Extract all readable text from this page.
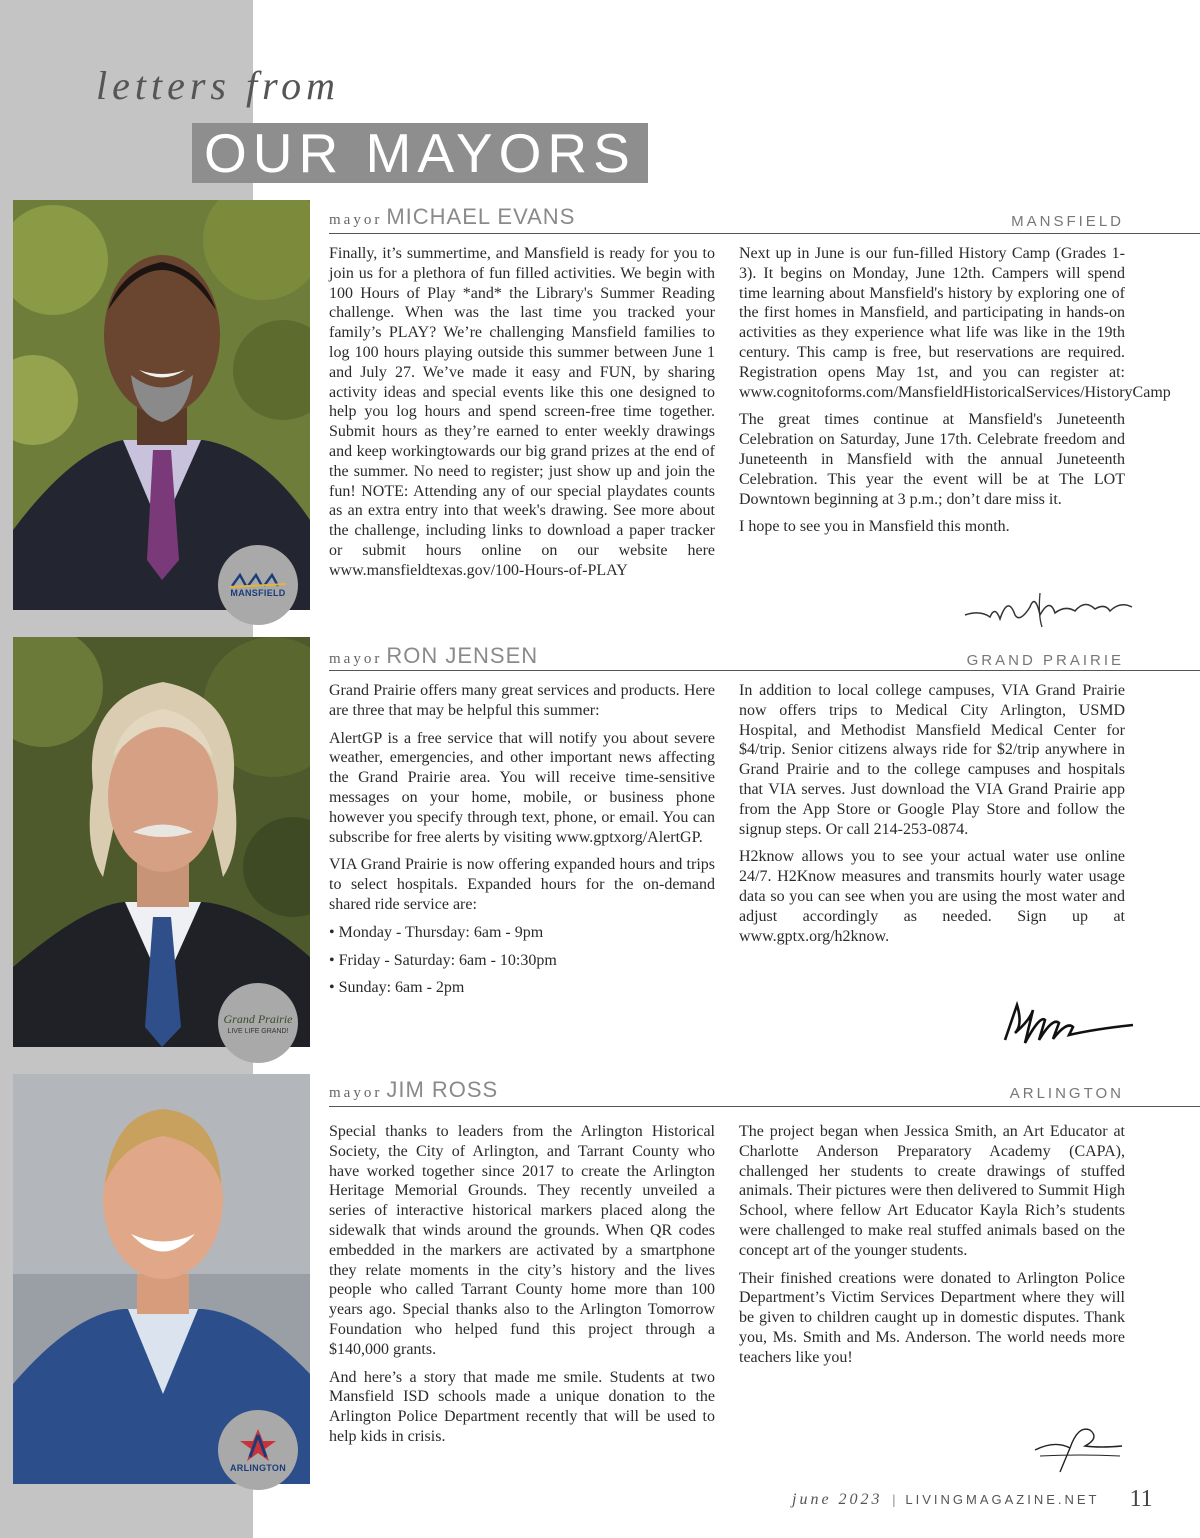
letters from
OUR MAYORS
MANSFIELD
mayor MICHAEL EVANS	MANSFIELD

Finally, it’s summertime, and Mansfield is ready for you to join us for a plethora of fun filled activities. We begin with 100 Hours of Play *and* the Library's Summer Reading challenge. When was the last time you tracked your family’s PLAY? We’re challenging Mansfield families to log 100 hours playing outside this summer between June 1 and July 27. We’ve made it easy and FUN, by sharing activity ideas and special events like this one designed to help you log hours and spend screen-free time together. Submit hours as they’re earned to enter weekly drawings and keep workingtowards our big grand prizes at the end of the summer. No need to register; just show up and join the fun! NOTE: Attending any of our special playdates counts as an extra entry into that week's drawing. See more about the challenge, including links to download a paper tracker or submit hours online on our website here www.mansfieldtexas.gov/100-Hours-of-PLAY

Next up in June is our fun-filled History Camp (Grades 1-3). It begins on Monday, June 12th. Campers will spend time learning about Mansfield's history by exploring one of the first homes in Mansfield, and participating in hands-on activities as they experience what life was like in the 19th century. This camp is free, but reservations are required. Registration opens May 1st, and you can register at: www.cognitoforms.com/MansfieldHistoricalServices/HistoryCamp

The great times continue at Mansfield's Juneteenth Celebration on Saturday, June 17th. Celebrate freedom and Juneteenth in Mansfield with the annual Juneteenth Celebration. This year the event will be at The LOT Downtown beginning at 3 p.m.; don’t dare miss it.

I hope to see you in Mansfield this month.

Grand Prairie
LIVE LIFE GRAND!
mayor RON JENSEN	GRAND PRAIRIE

Grand Prairie offers many great services and products. Here are three that may be helpful this summer:

AlertGP is a free service that will notify you about severe weather, emergencies, and other important news affecting the Grand Prairie area. You will receive time-sensitive messages on your home, mobile, or business phone however you specify through text, phone, or email. You can subscribe for free alerts by visiting www.gptxorg/AlertGP.

VIA Grand Prairie is now offering expanded hours and trips to select hospitals. Expanded hours for the on-demand shared ride service are:

• Monday - Thursday: 6am - 9pm
• Friday - Saturday: 6am - 10:30pm
• Sunday: 6am - 2pm

In addition to local college campuses, VIA Grand Prairie now offers trips to Medical City Arlington, USMD Hospital, and Methodist Mansfield Medical Center for $4/trip. Senior citizens always ride for $2/trip anywhere in Grand Prairie and to the college campuses and hospitals that VIA serves. Just download the VIA Grand Prairie app from the App Store or Google Play Store and follow the signup steps. Or call 214-253-0874.

H2know allows you to see your actual water use online 24/7. H2Know measures and transmits hourly water usage data so you can see when you are using the most water and adjust accordingly as needed. Sign up at www.gptx.org/h2know.

ARLINGTON
mayor JIM ROSS	ARLINGTON

Special thanks to leaders from the Arlington Historical Society, the City of Arlington, and Tarrant County who have worked together since 2017 to create the Arlington Heritage Memorial Grounds. They recently unveiled a series of interactive historical markers placed along the sidewalk that winds around the grounds. When QR codes embedded in the markers are activated by a smartphone they relate moments in the city’s history and the lives people who called Tarrant County home more than 100 years ago. Special thanks also to the Arlington Tomorrow Foundation who helped fund this project through a $140,000 grants.

And here’s a story that made me smile. Students at two Mansfield ISD schools made a unique donation to the Arlington Police Department recently that will be used to help kids in crisis.

The project began when Jessica Smith, an Art Educator at Charlotte Anderson Preparatory Academy (CAPA), challenged her students to create drawings of stuffed animals. Their pictures were then delivered to Summit High School, where fellow Art Educator Kayla Rich’s students were challenged to make real stuffed animals based on the concept art of the younger students.

Their finished creations were donated to Arlington Police Department’s Victim Services Department where they will be given to children caught up in domestic disputes. Thank you, Ms. Smith and Ms. Anderson. The world needs more teachers like you!

june 2023 | LIVINGMAGAZINE.NET 11
